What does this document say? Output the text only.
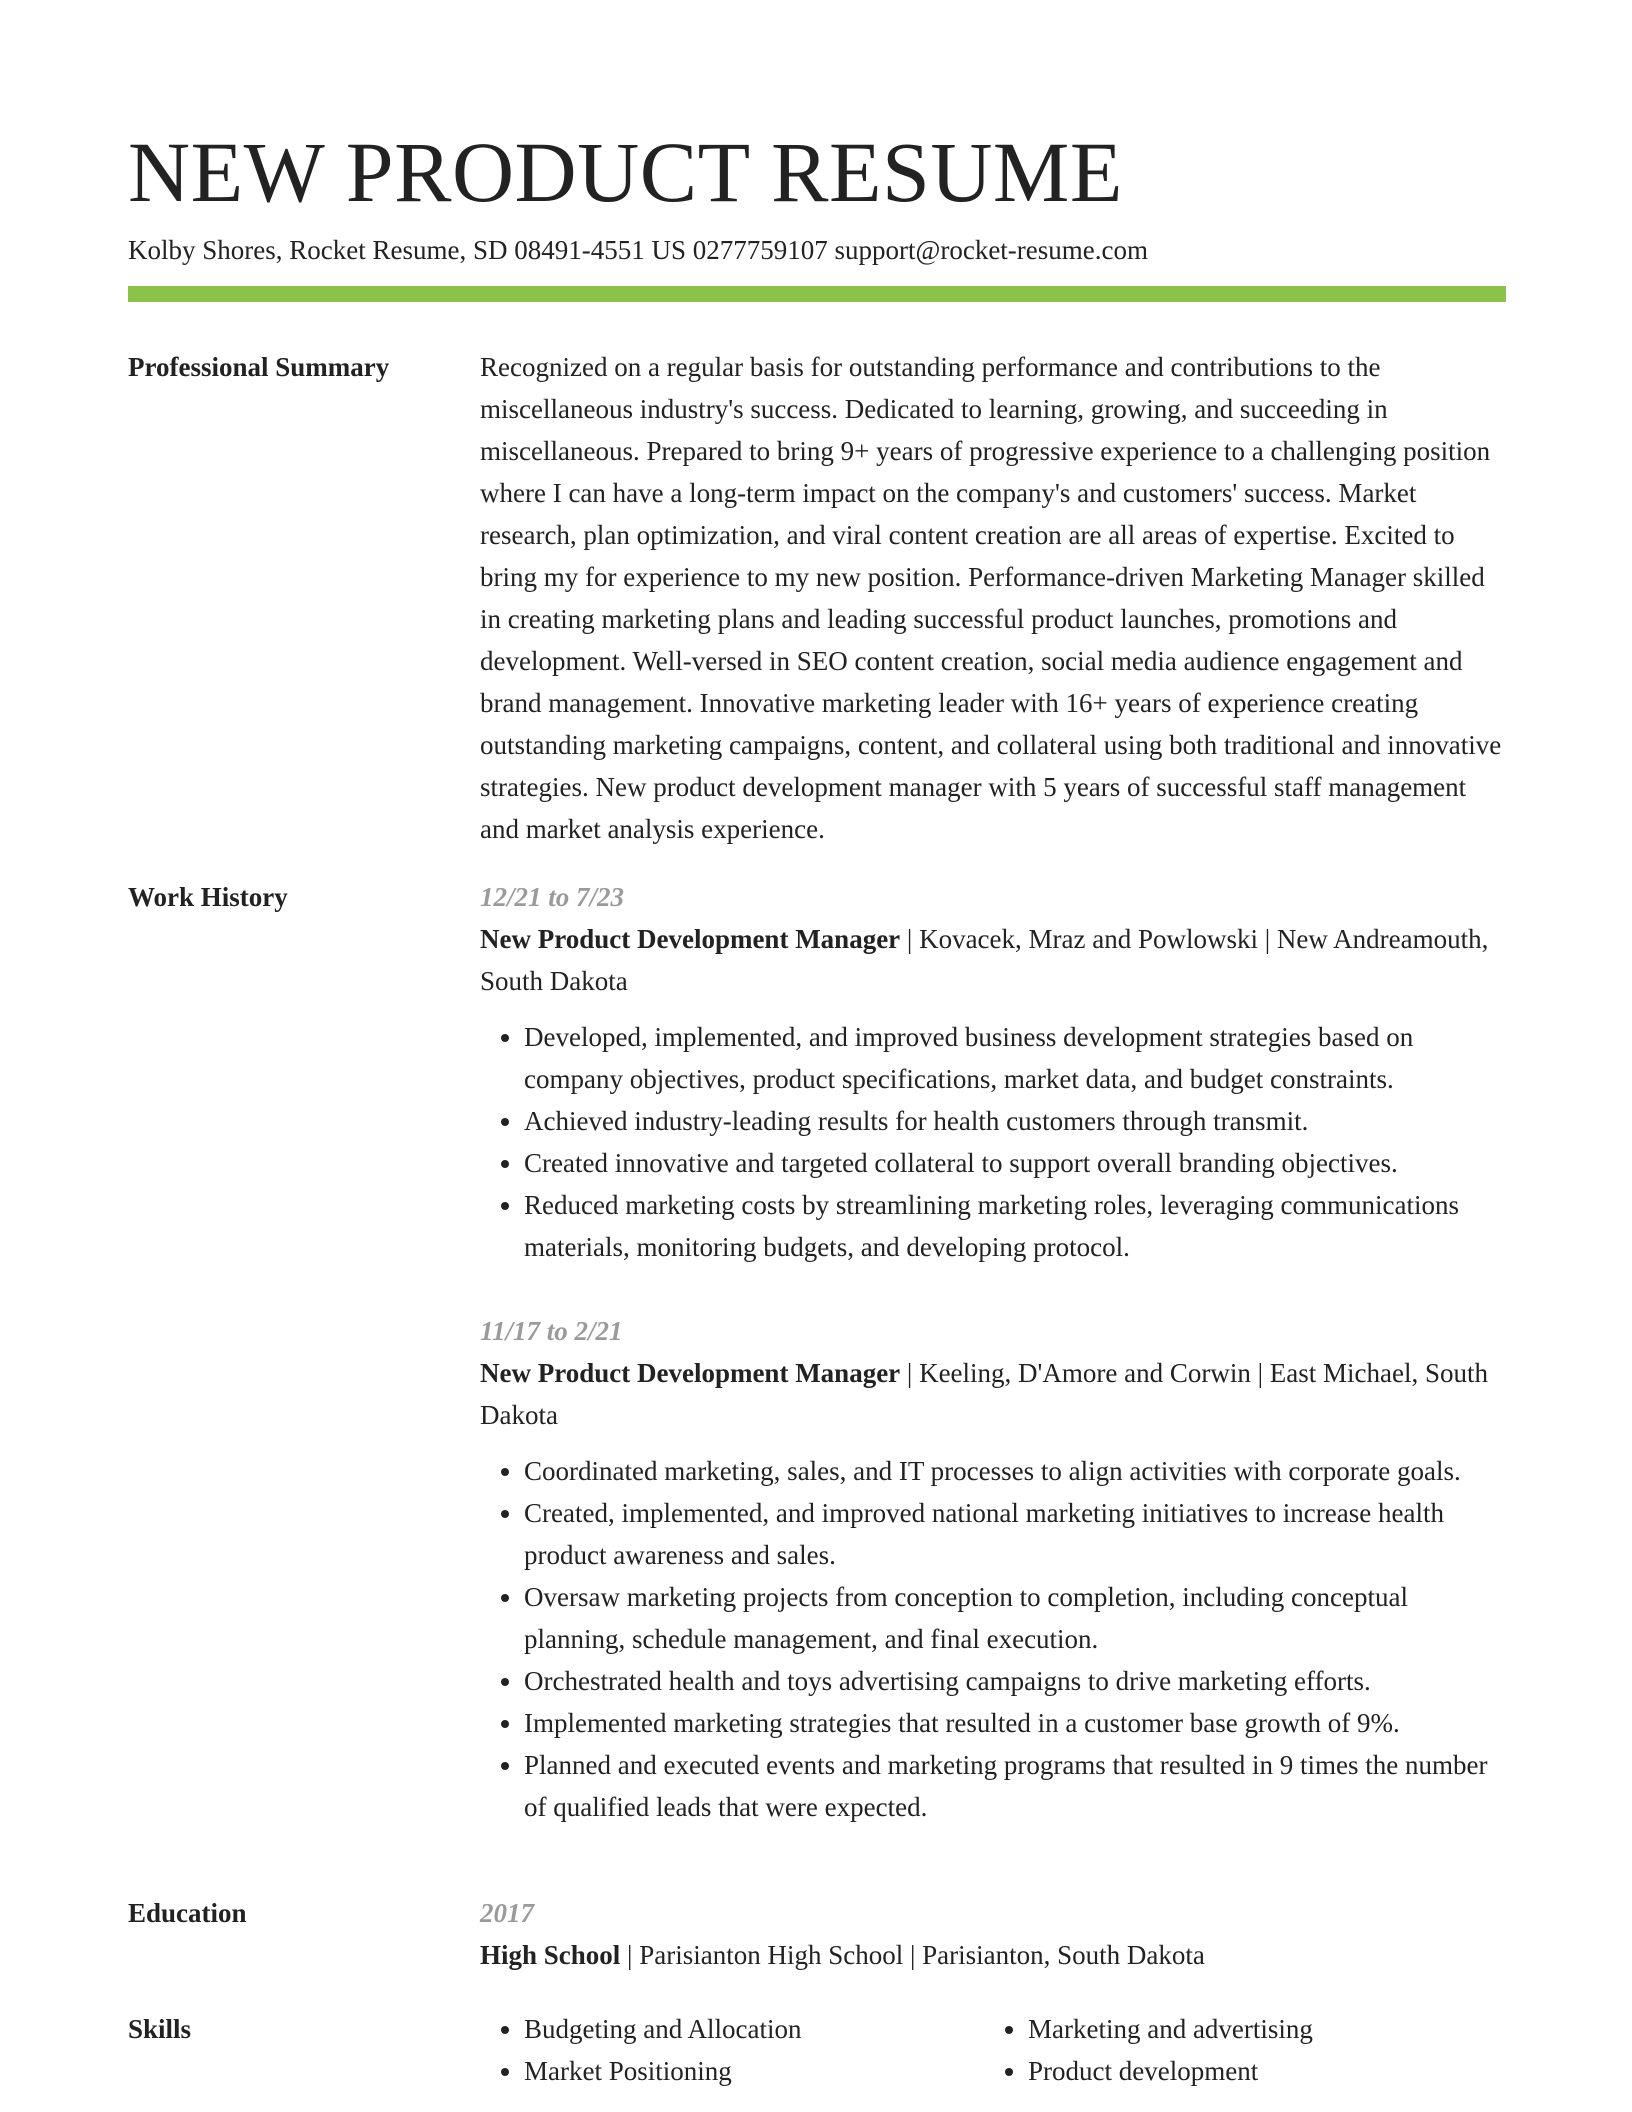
NEW PRODUCT RESUME
Kolby Shores, Rocket Resume, SD 08491-4551 US 0277759107 support@rocket-resume.com
Professional Summary	Recognized on a regular basis for outstanding performance and contributions to the miscellaneous industry's success. Dedicated to learning, growing, and succeeding in miscellaneous. Prepared to bring 9+ years of progressive experience to a challenging position where I can have a long-term impact on the company's and customers' success. Market research, plan optimization, and viral content creation are all areas of expertise. Excited to bring my for experience to my new position. Performance-driven Marketing Manager skilled in creating marketing plans and leading successful product launches, promotions and development. Well-versed in SEO content creation, social media audience engagement and brand management. Innovative marketing leader with 16+ years of experience creating outstanding marketing campaigns, content, and collateral using both traditional and innovative strategies. New product development manager with 5 years of successful staff management and market analysis experience.

Work History	12/21 to 7/23

New Product Development Manager | Kovacek, Mraz and Powlowski | New Andreamouth, South Dakota

• Developed, implemented, and improved business development strategies based on company objectives, product specifications, market data, and budget constraints.
• Achieved industry-leading results for health customers through transmit.
• Created innovative and targeted collateral to support overall branding objectives.
• Reduced marketing costs by streamlining marketing roles, leveraging communications materials, monitoring budgets, and developing protocol.
11/17 to 2/21

New Product Development Manager | Keeling, D'Amore and Corwin | East Michael, South Dakota

• Coordinated marketing, sales, and IT processes to align activities with corporate goals.
• Created, implemented, and improved national marketing initiatives to increase health product awareness and sales.
• Oversaw marketing projects from conception to completion, including conceptual planning, schedule management, and final execution.
• Orchestrated health and toys advertising campaigns to drive marketing efforts.
• Implemented marketing strategies that resulted in a customer base growth of 9%.
• Planned and executed events and marketing programs that resulted in 9 times the number of qualified leads that were expected.
Education	2017

High School | Parisianton High School | Parisianton, South Dakota

Skills
•	Budgeting and Allocation
• Market Positioning
• Marketing and advertising
• Product development
